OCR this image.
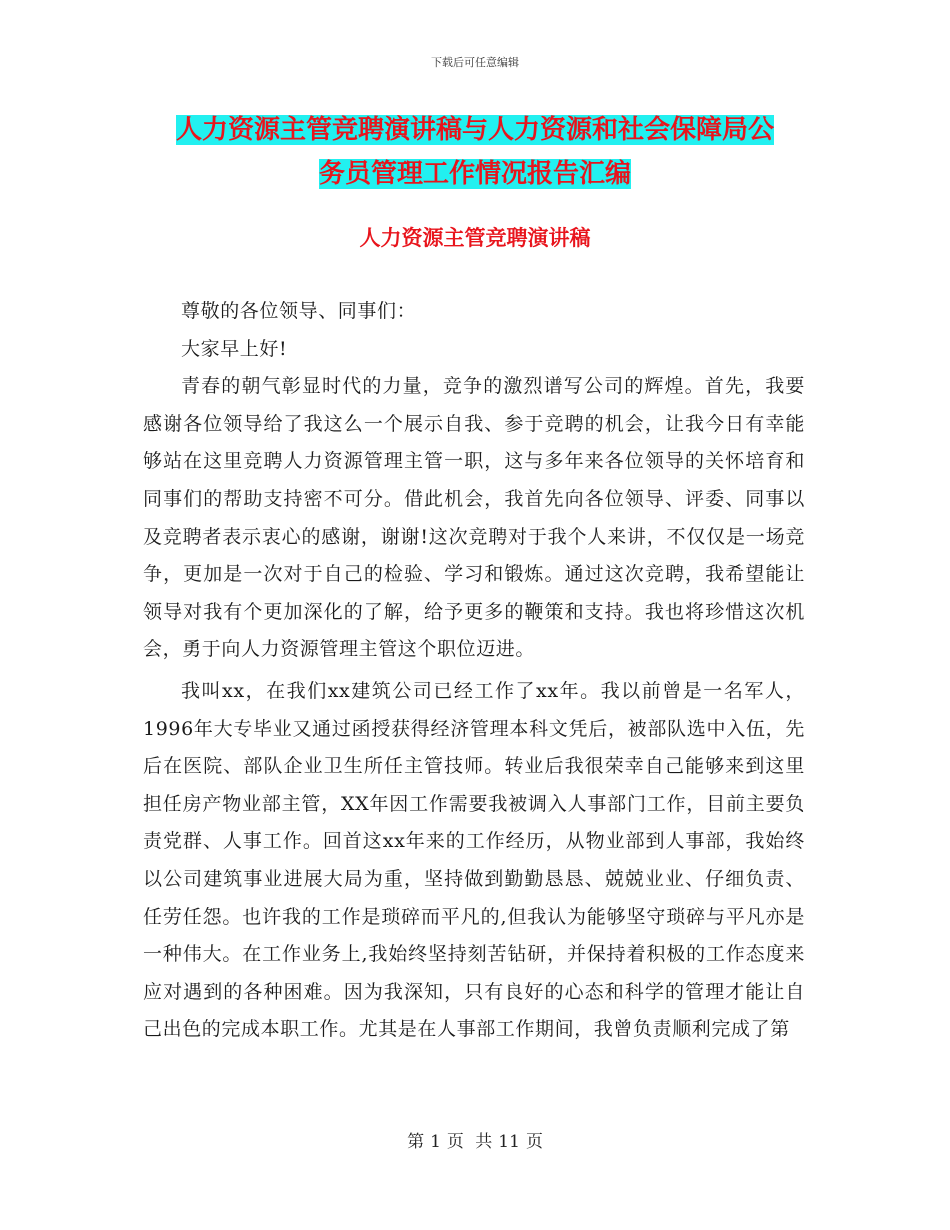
下载后可任意编辑
人力资源主管竞聘演讲稿与人力资源和社会保障局公
务员管理工作情况报告汇编
人力资源主管竞聘演讲稿

尊敬的各位领导、同事们：

大家早上好!

青春的朝气彰显时代的力量，竞争的激烈谱写公司的辉煌。首先，我要感谢各位领导给了我这么一个展示自我、参于竞聘的机会，让我今日有幸能够站在这里竞聘人力资源管理主管一职，这与多年来各位领导的关怀培育和同事们的帮助支持密不可分。借此机会，我首先向各位领导、评委、同事以及竞聘者表示衷心的感谢，谢谢!这次竞聘对于我个人来讲，不仅仅是一场竞争，更加是一次对于自己的检验、学习和锻炼。通过这次竞聘，我希望能让领导对我有个更加深化的了解，给予更多的鞭策和支持。我也将珍惜这次机会，勇于向人力资源管理主管这个职位迈进。

我叫xx，在我们xx建筑公司已经工作了xx年。我以前曾是一名军人，1996年大专毕业又通过函授获得经济管理本科文凭后，被部队选中入伍，先后在医院、部队企业卫生所任主管技师。转业后我很荣幸自己能够来到这里担任房产物业部主管，XX年因工作需要我被调入人事部门工作，目前主要负责党群、人事工作。回首这xx年来的工作经历，从物业部到人事部，我始终以公司建筑事业进展大局为重，坚持做到勤勤恳恳、兢兢业业、仔细负责、任劳任怨。也许我的工作是琐碎而平凡的,但我认为能够坚守琐碎与平凡亦是一种伟大。在工作业务上,我始终坚持刻苦钻研，并保持着积极的工作态度来应对遇到的各种困难。因为我深知，只有良好的心态和科学的管理才能让自己出色的完成本职工作。尤其是在人事部工作期间，我曾负责顺利完成了第

第 1 页 共 11 页
